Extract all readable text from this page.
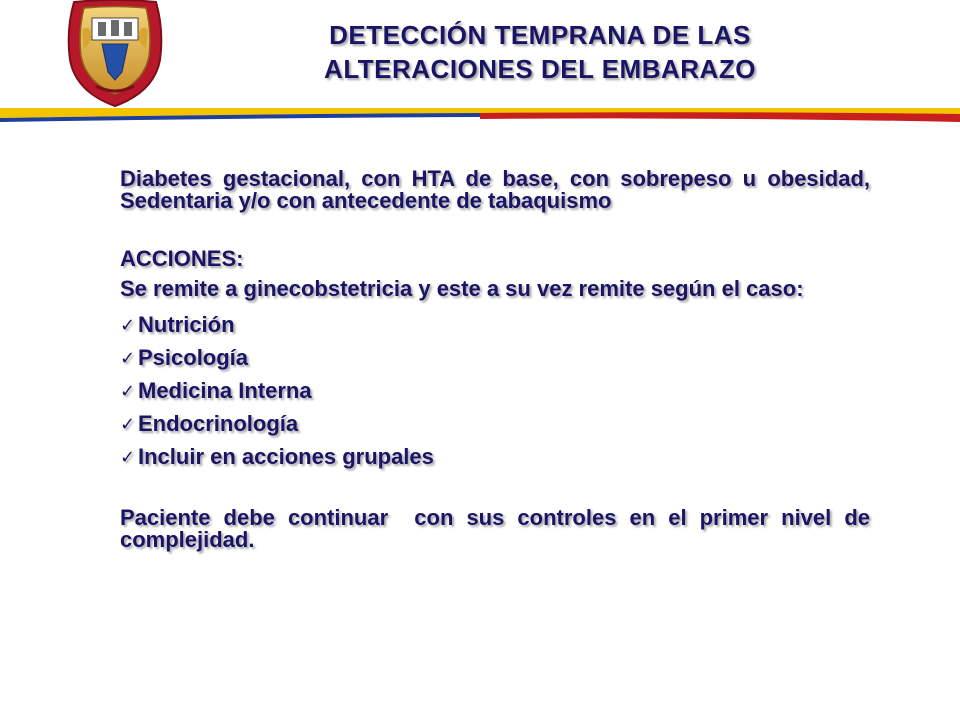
DETECCIÓN TEMPRANA DE LAS
ALTERACIONES DEL EMBARAZO

Diabetes gestacional, con HTA de base, con sobrepeso u obesidad, Sedentaria y/o con antecedente de tabaquismo

ACCIONES:

Se remite a ginecobstetricia y este a su vez remite según el caso:

✓ Nutrición
✓ Psicología
✓ Medicina Interna
✓ Endocrinología
✓ Incluir en acciones grupales

Paciente debe continuar  con sus controles en el primer nivel de complejidad.
